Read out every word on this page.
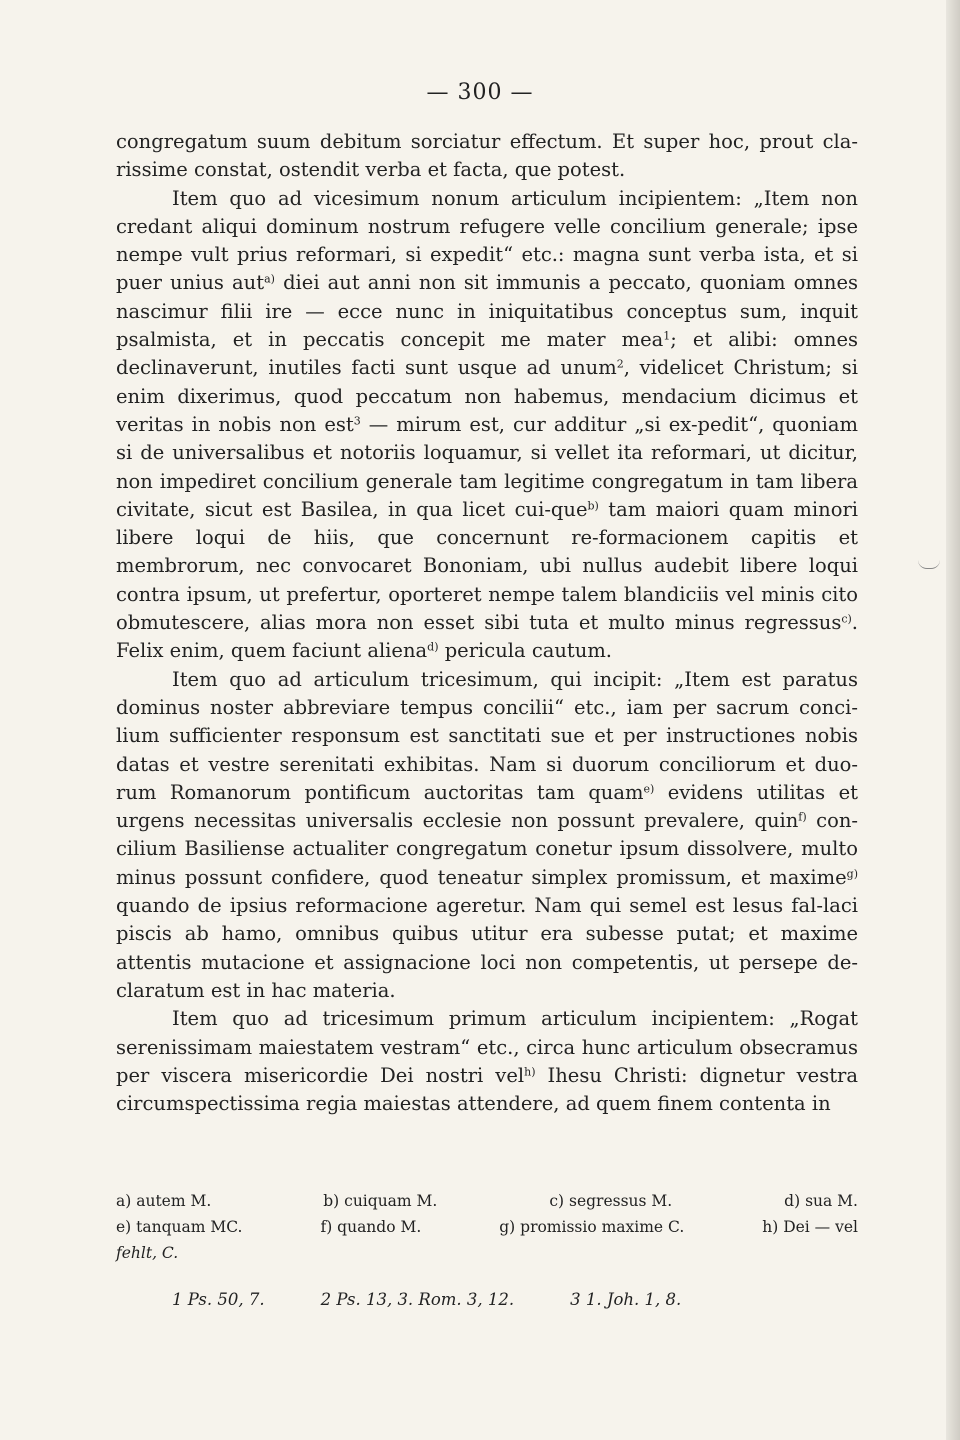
— 300 —

congregatum suum debitum sorciatur effectum. Et super hoc, prout cla-rissime constat, ostendit verba et facta, que potest.

Item quo ad vicesimum nonum articulum incipientem: „Item non credant aliqui dominum nostrum refugere velle concilium generale; ipse nempe vult prius reformari, si expedit“ etc.: magna sunt verba ista, et si puer unius aut$^{a)}$ diei aut anni non sit immunis a peccato, quoniam omnes nascimur filii ire — ecce nunc in iniquitatibus conceptus sum, inquit psalmista, et in peccatis concepit me mater mea$^1$; et alibi: omnes declinaverunt, inutiles facti sunt usque ad unum$^2$, videlicet Christum; si enim dixerimus, quod peccatum non habemus, mendacium dicimus et veritas in nobis non est$^3$ — mirum est, cur additur „si ex-pedit“, quoniam si de universalibus et notoriis loquamur, si vellet ita reformari, ut dicitur, non impediret concilium generale tam legitime congregatum in tam libera civitate, sicut est Basilea, in qua licet cui-que$^{b)}$ tam maiori quam minori libere loqui de hiis, que concernunt re-formacionem capitis et membrorum, nec convocaret Bononiam, ubi nullus audebit libere loqui contra ipsum, ut prefertur, oporteret nempe talem blandiciis vel minis cito obmutescere, alias mora non esset sibi tuta et multo minus regressus$^{c)}$. Felix enim, quem faciunt aliena$^{d)}$ pericula cautum.

Item quo ad articulum tricesimum, qui incipit: „Item est paratus dominus noster abbreviare tempus concilii“ etc., iam per sacrum conci-lium sufficienter responsum est sanctitati sue et per instructiones nobis datas et vestre serenitati exhibitas. Nam si duorum conciliorum et duo-rum Romanorum pontificum auctoritas tam quam$^{e)}$ evidens utilitas et urgens necessitas universalis ecclesie non possunt prevalere, quin$^{f)}$ con-cilium Basiliense actualiter congregatum conetur ipsum dissolvere, multo minus possunt confidere, quod teneatur simplex promissum, et maxime$^{g)}$ quando de ipsius reformacione ageretur. Nam qui semel est lesus fal-laci piscis ab hamo, omnibus quibus utitur era subesse putat; et maxime attentis mutacione et assignacione loci non competentis, ut persepe de-claratum est in hac materia.

Item quo ad tricesimum primum articulum incipientem: „Rogat serenissimam maiestatem vestram“ etc., circa hunc articulum obsecramus per viscera misericordie Dei nostri vel$^{h)}$ Ihesu Christi: dignetur vestra circumspectissima regia maiestas attendere, ad quem finem contenta in

a) autem M.	b) cuiquam M.	c) segressus M.	d) sua M.
e) tanquam MC.	f) quando M.	g) promissio maxime C.	h) Dei — vel
fehlt, C.
1 Ps. 50, 7.	2 Ps. 13, 3. Rom. 3, 12.	3 1. Joh. 1, 8.
